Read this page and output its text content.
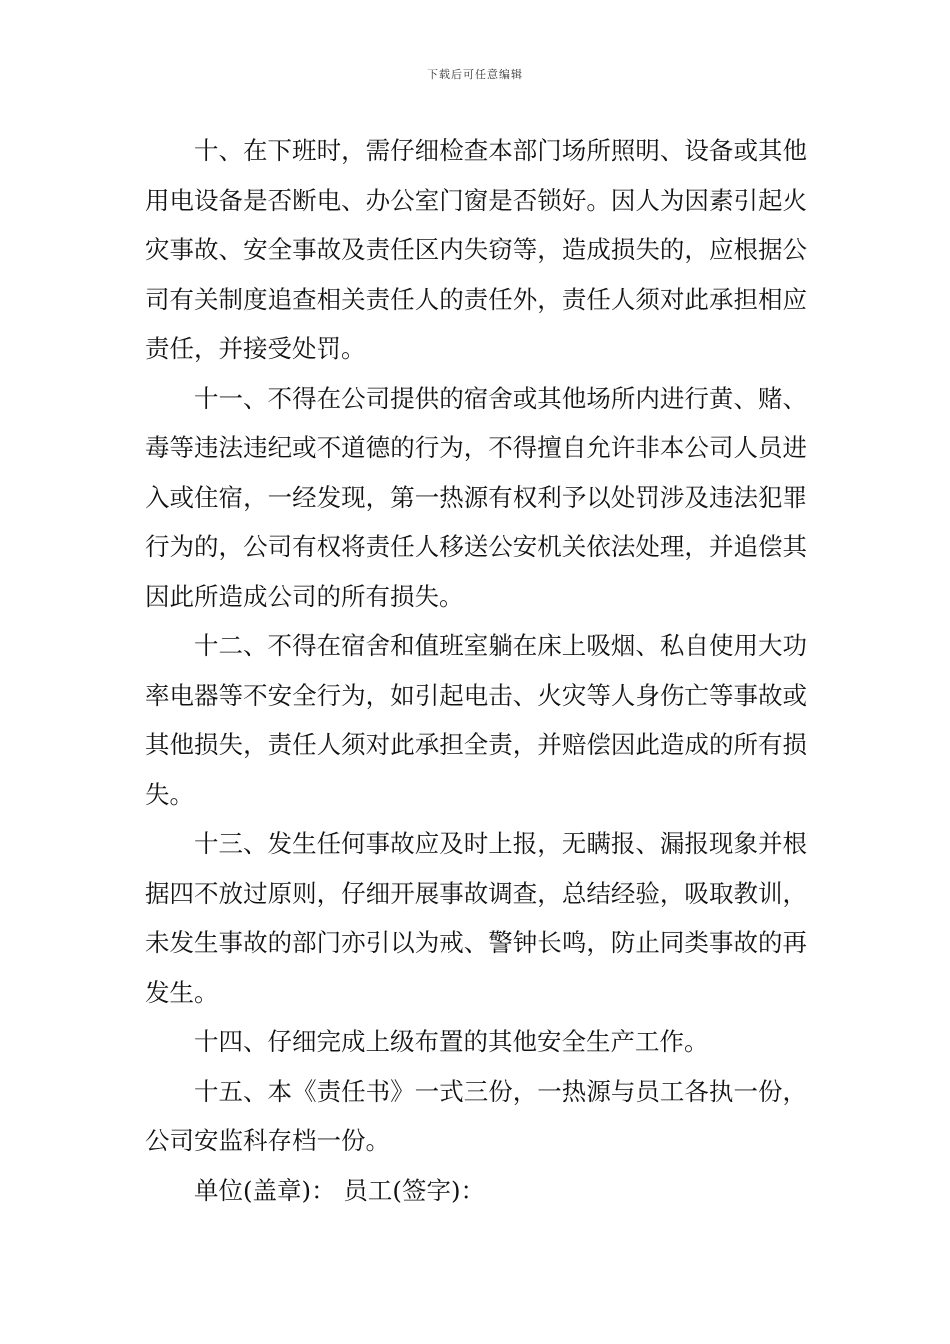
下载后可任意编辑

十、在下班时，需仔细检查本部门场所照明、设备或其他用电设备是否断电、办公室门窗是否锁好。因人为因素引起火灾事故、安全事故及责任区内失窃等，造成损失的，应根据公司有关制度追查相关责任人的责任外，责任人须对此承担相应责任，并接受处罚。

十一、不得在公司提供的宿舍或其他场所内进行黄、赌、毒等违法违纪或不道德的行为，不得擅自允许非本公司人员进入或住宿，一经发现，第一热源有权利予以处罚涉及违法犯罪行为的，公司有权将责任人移送公安机关依法处理，并追偿其因此所造成公司的所有损失。

十二、不得在宿舍和值班室躺在床上吸烟、私自使用大功率电器等不安全行为，如引起电击、火灾等人身伤亡等事故或其他损失，责任人须对此承担全责，并赔偿因此造成的所有损失。

十三、发生任何事故应及时上报，无瞒报、漏报现象并根据四不放过原则，仔细开展事故调查，总结经验，吸取教训，未发生事故的部门亦引以为戒、警钟长鸣，防止同类事故的再发生。

十四、仔细完成上级布置的其他安全生产工作。

十五、本《责任书》一式三份，一热源与员工各执一份，公司安监科存档一份。

单位(盖章)： 员工(签字)：
